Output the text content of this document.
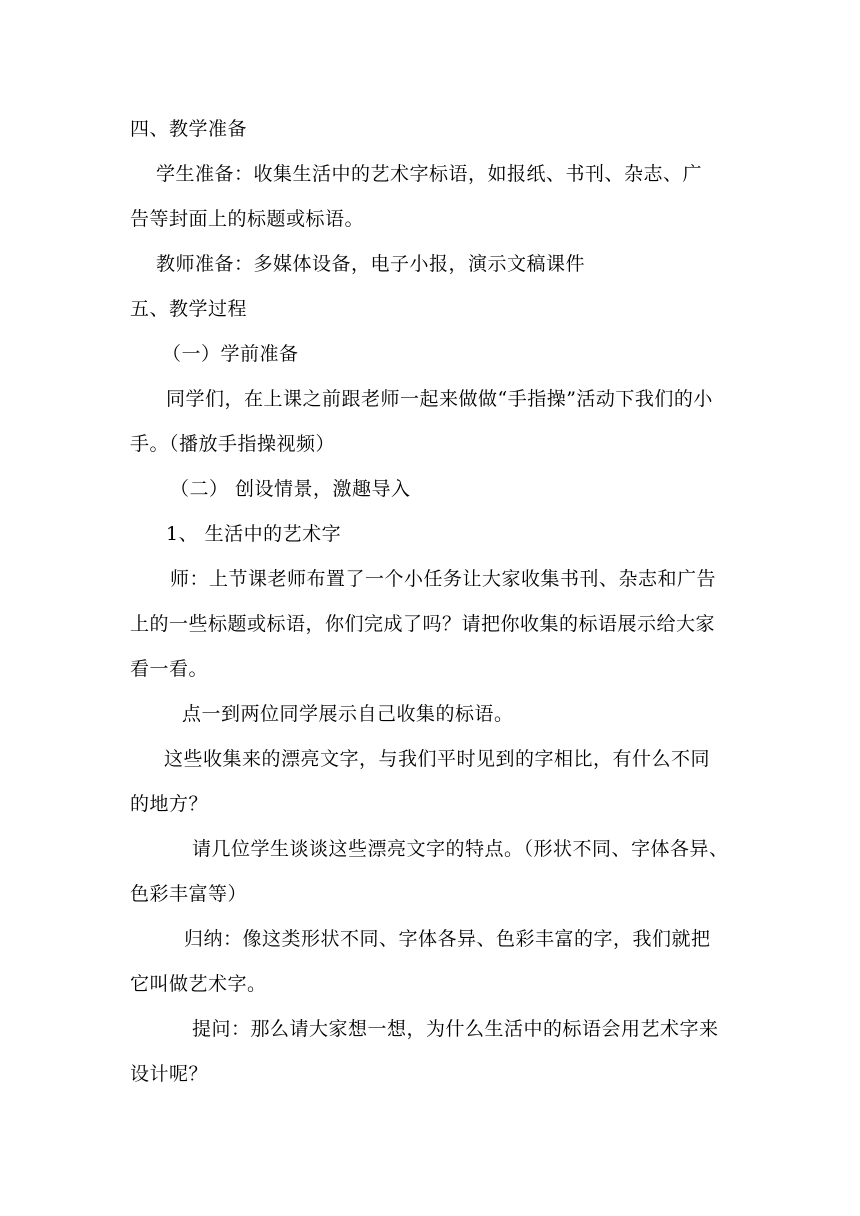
四、教学准备
学生准备：收集生活中的艺术字标语，如报纸、书刊、杂志、广
告等封面上的标题或标语。
教师准备：多媒体设备，电子小报，演示文稿课件
五、教学过程
（一）学前准备
同学们，在上课之前跟老师一起来做做“手指操”活动下我们的小
手。（播放手指操视频）
（二） 创设情景，激趣导入
1、 生活中的艺术字
师：上节课老师布置了一个小任务让大家收集书刊、杂志和广告
上的一些标题或标语，你们完成了吗？请把你收集的标语展示给大家
看一看。
点一到两位同学展示自己收集的标语。
这些收集来的漂亮文字，与我们平时见到的字相比，有什么不同
的地方？
请几位学生谈谈这些漂亮文字的特点。（形状不同、字体各异、
色彩丰富等）
归纳：像这类形状不同、字体各异、色彩丰富的字，我们就把
它叫做艺术字。
提问：那么请大家想一想，为什么生活中的标语会用艺术字来
设计呢？
